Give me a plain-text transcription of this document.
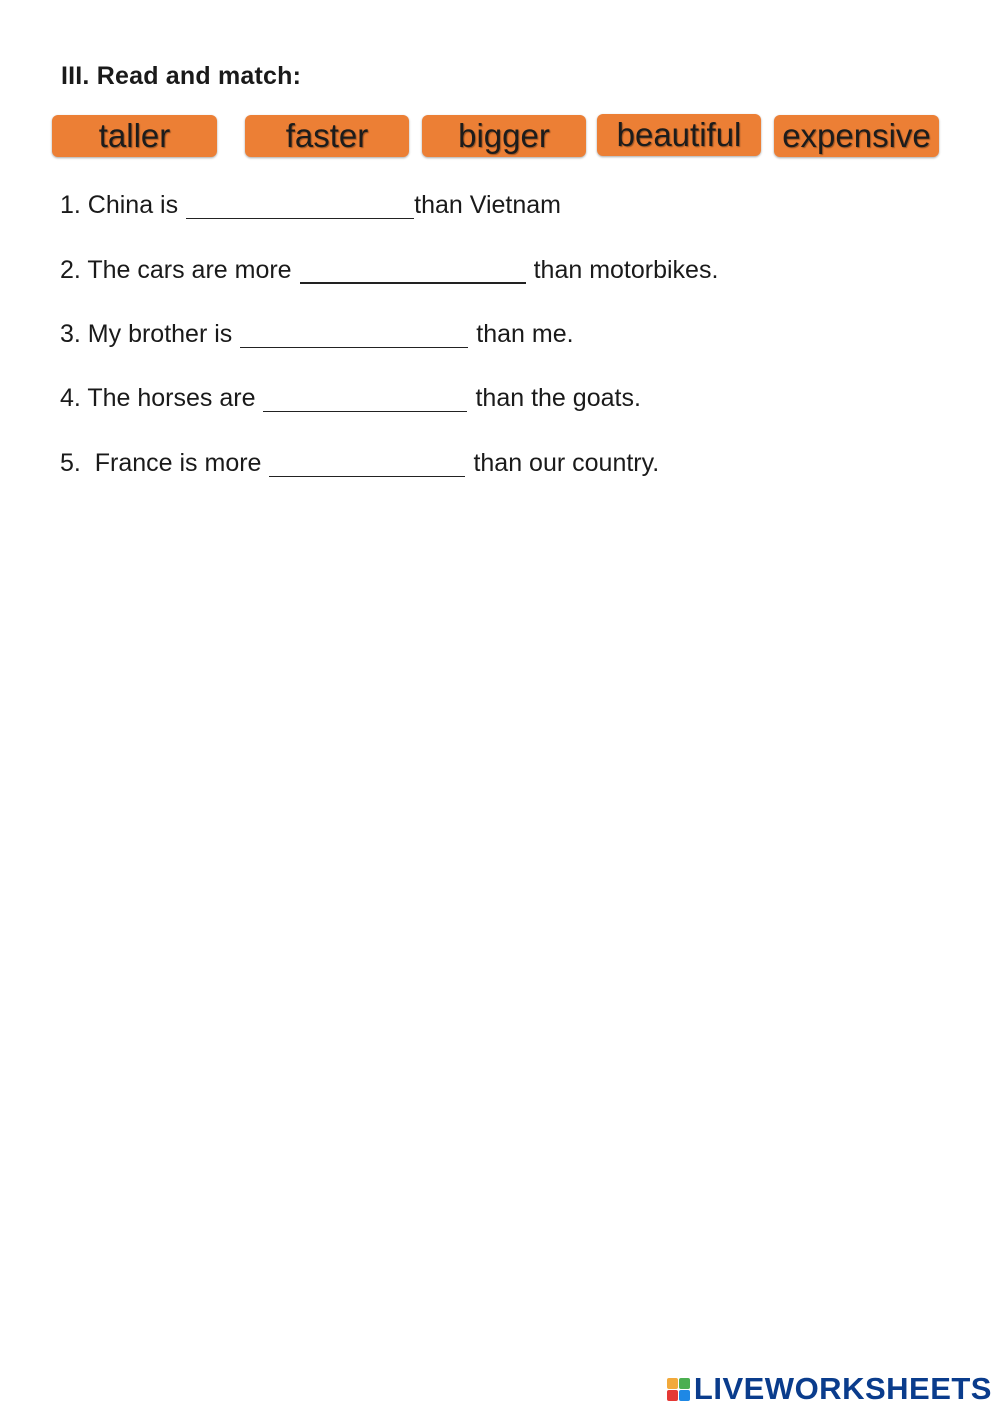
III. Read and match:
taller	faster	bigger	beautiful	expensive
1. China is	than Vietnam
2. The cars are more	than motorbikes.
3. My brother is	than me.
4. The horses are	than the goats.
5.  France is more	than our country.
LIVEWORKSHEETS
